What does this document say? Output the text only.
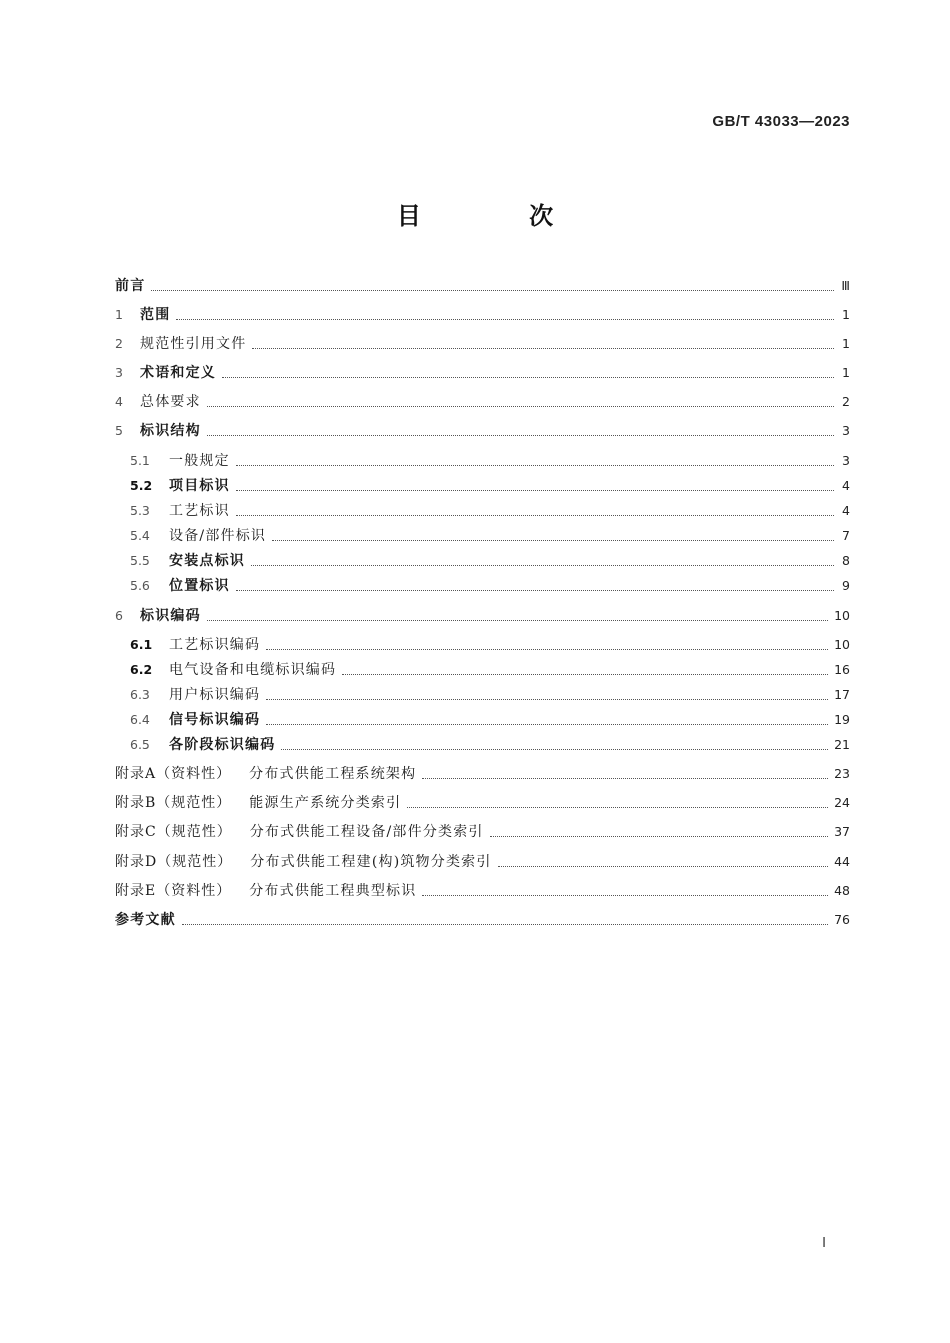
GB/T 43033—2023
目 次
前言	Ⅲ
1	范围	1
2	规范性引用文件	1
3	术语和定义	1
4	总体要求	2
5	标识结构	3
5.1	一般规定	3
5.2	项目标识	4
5.3	工艺标识	4
5.4	设备/部件标识	7
5.5	安装点标识	8
5.6	位置标识	9
6	标识编码	10
6.1	工艺标识编码	10
6.2	电气设备和电缆标识编码	16
6.3	用户标识编码	17
6.4	信号标识编码	19
6.5	各阶段标识编码	21
附录A（资料性） 分布式供能工程系统架构	23
附录B（规范性） 能源生产系统分类索引	24
附录C（规范性） 分布式供能工程设备/部件分类索引	37
附录D（规范性） 分布式供能工程建(构)筑物分类索引	44
附录E（资料性） 分布式供能工程典型标识	48
参考文献	76
I
